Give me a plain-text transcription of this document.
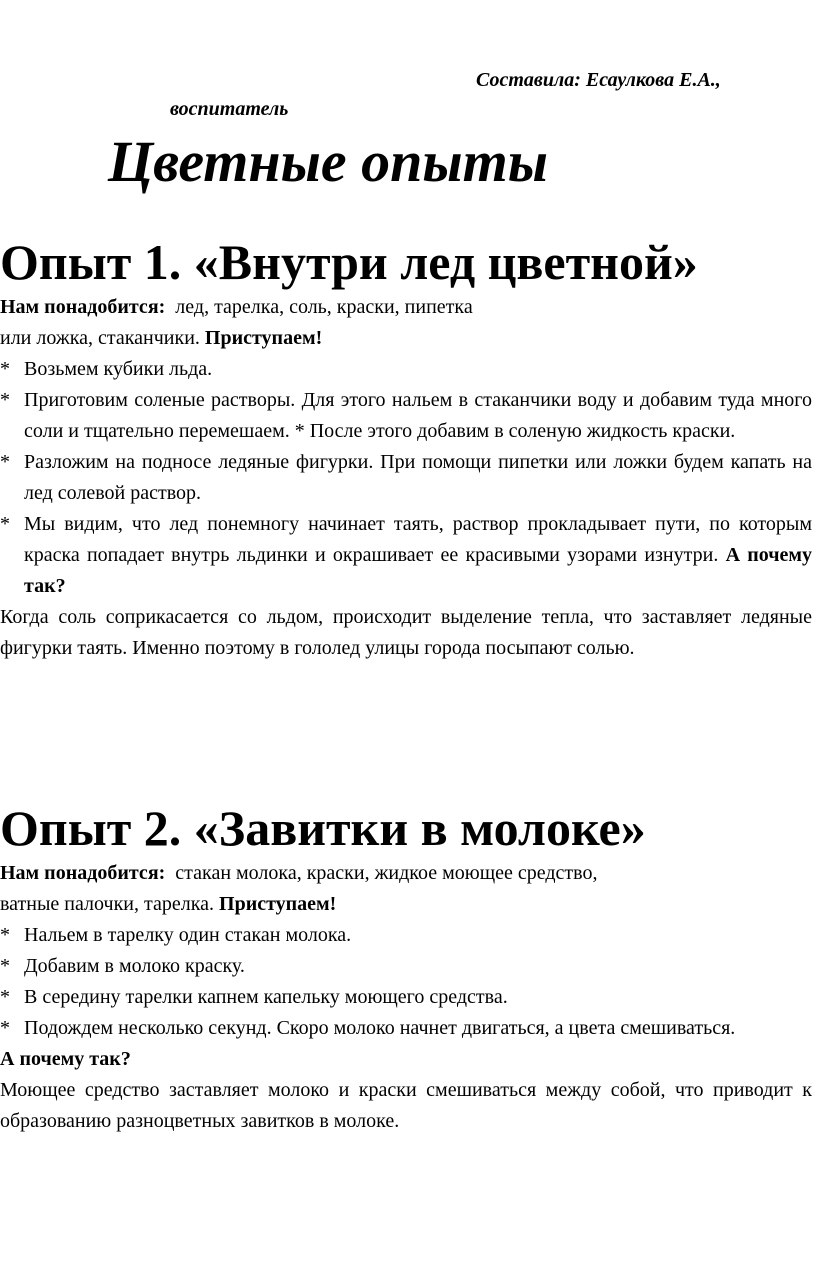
Составила: Есаулкова Е.А.,
воспитатель
Цветные опыты
Опыт 1. «Внутри лед цветной»

Нам понадобится: лед, тарелка, соль, краски, пипетка
или ложка, стаканчики. Приступаем!

* Возьмем кубики льда.
* Приготовим соленые растворы. Для этого нальем в стаканчики воду и добавим туда много соли и тщательно перемешаем. * После этого добавим в соленую жидкость краски.
* Разложим на подносе ледяные фигурки. При помощи пипетки или ложки будем капать на лед солевой раствор.
* Мы видим, что лед понемногу начинает таять, раствор прокладывает пути, по которым краска попадает внутрь льдинки и окрашивает ее красивыми узорами изнутри. А почему так?

Когда соль соприкасается со льдом, происходит выделение тепла, что заставляет ледяные фигурки таять. Именно поэтому в гололед улицы города посыпают солью.

Опыт 2. «Завитки в молоке»

Нам понадобится: стакан молока, краски, жидкое моющее средство,
ватные палочки, тарелка. Приступаем!

* Нальем в тарелку один стакан молока.
* Добавим в молоко краску.
* В середину тарелки капнем капельку моющего средства.
* Подождем несколько секунд. Скоро молоко начнет двигаться, а цвета смешиваться.

А почему так?

Моющее средство заставляет молоко и краски смешиваться между собой, что приводит к образованию разноцветных завитков в молоке.
